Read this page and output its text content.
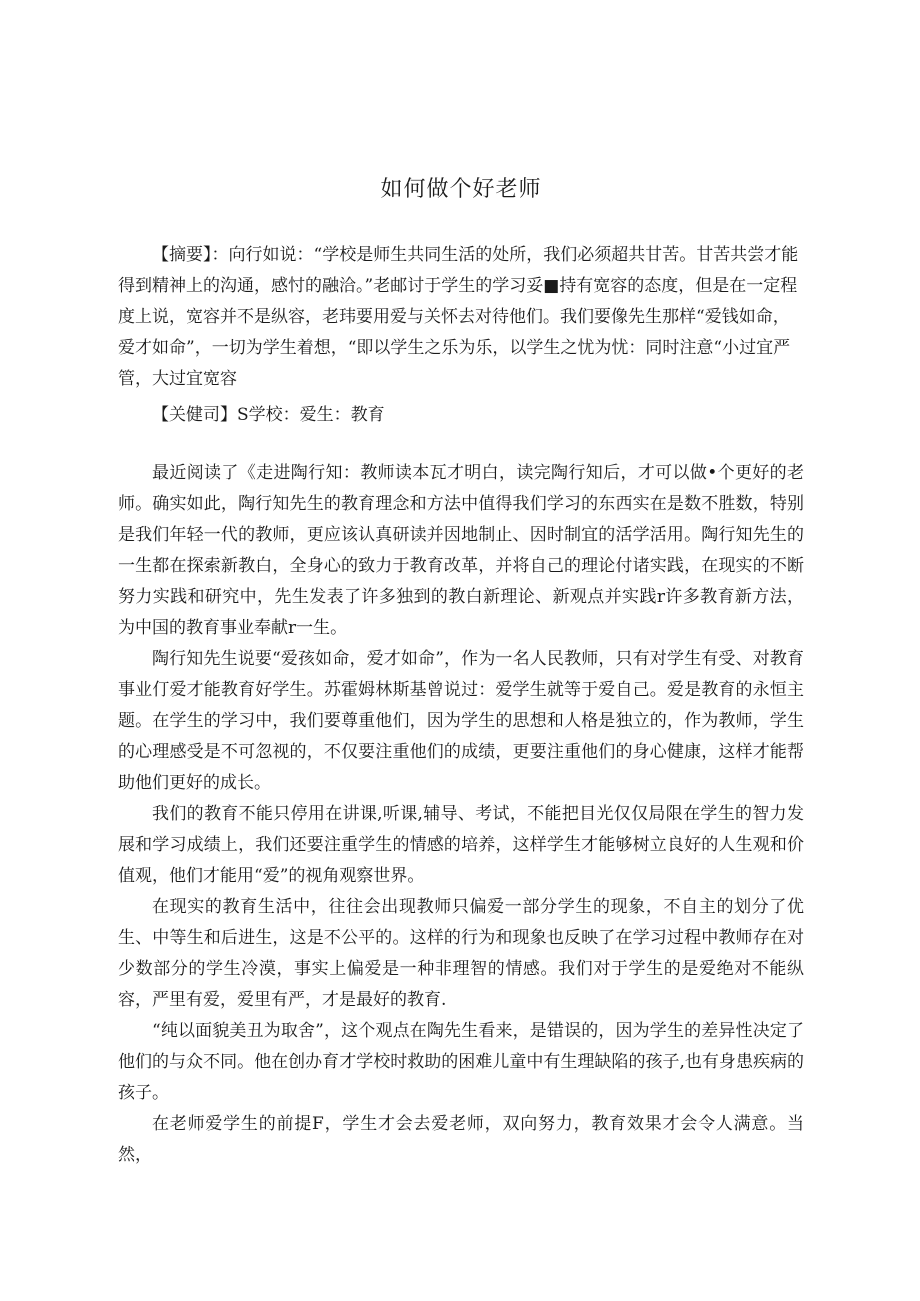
如何做个好老师

【摘要】：向行如说：“学校是师生共同生活的处所，我们必须超共甘苦。甘苦共尝才能得到精神上的沟通，感忖的融洽。”老邮讨于学生的学习妥■持有宽容的态度，但是在一定程度上说，宽容并不是纵容，老玮要用爱与关怀去对待他们。我们要像先生那样“爱钱如命，爱才如命”，一切为学生着想，“即以学生之乐为乐，以学生之忧为忧：同时注意“小过宜严管，大过宜宽容

【关健司】S学校：爱生：教育

最近阅读了《走进陶行知：教师读本瓦才明白，读完陶行知后，才可以做•个更好的老师。确实如此，陶行知先生的教育理念和方法中值得我们学习的东西实在是数不胜数，特别是我们年轻一代的教师，更应该认真研读并因地制止、因时制宜的活学活用。陶行知先生的一生都在探索新教白，全身心的致力于教育改革，并将自己的理论付诸实践，在现实的不断努力实践和研究中，先生发表了许多独到的教白新理论、新观点并实践r许多教育新方法，为中国的教育事业奉献r一生。

陶行知先生说要“爱孩如命，爱才如命”，作为一名人民教师，只有对学生有受、对教育事业仃爱才能教育好学生。苏霍姆林斯基曾说过：爱学生就等于爱自己。爱是教育的永恒主题。在学生的学习中，我们要尊重他们，因为学生的思想和人格是独立的，作为教师，学生的心理感受是不可忽视的，不仅要注重他们的成绩，更要注重他们的身心健康，这样才能帮助他们更好的成长。

我们的教育不能只停用在讲课,听课,辅导、考试，不能把目光仅仅局限在学生的智力发展和学习成绩上，我们还要注重学生的情感的培养，这样学生才能够树立良好的人生观和价值观，他们才能用“爱”的视角观察世界。

在现实的教育生活中，往往会出现教师只偏爱一部分学生的现象，不自主的划分了优生、中等生和后进生，这是不公平的。这样的行为和现象也反映了在学习过程中教师存在对少数部分的学生冷漠，事实上偏爱是一种非理智的情感。我们对于学生的是爱绝对不能纵容，严里有爱，爱里有严，才是最好的教育.

“纯以面貌美丑为取舍”，这个观点在陶先生看来，是错误的，因为学生的差异性决定了他们的与众不同。他在创办育才学校时救助的困难儿童中有生理缺陷的孩子,也有身患疾病的孩子。

在老师爱学生的前提F，学生才会去爱老师，双向努力，教育效果才会令人满意。当然，
